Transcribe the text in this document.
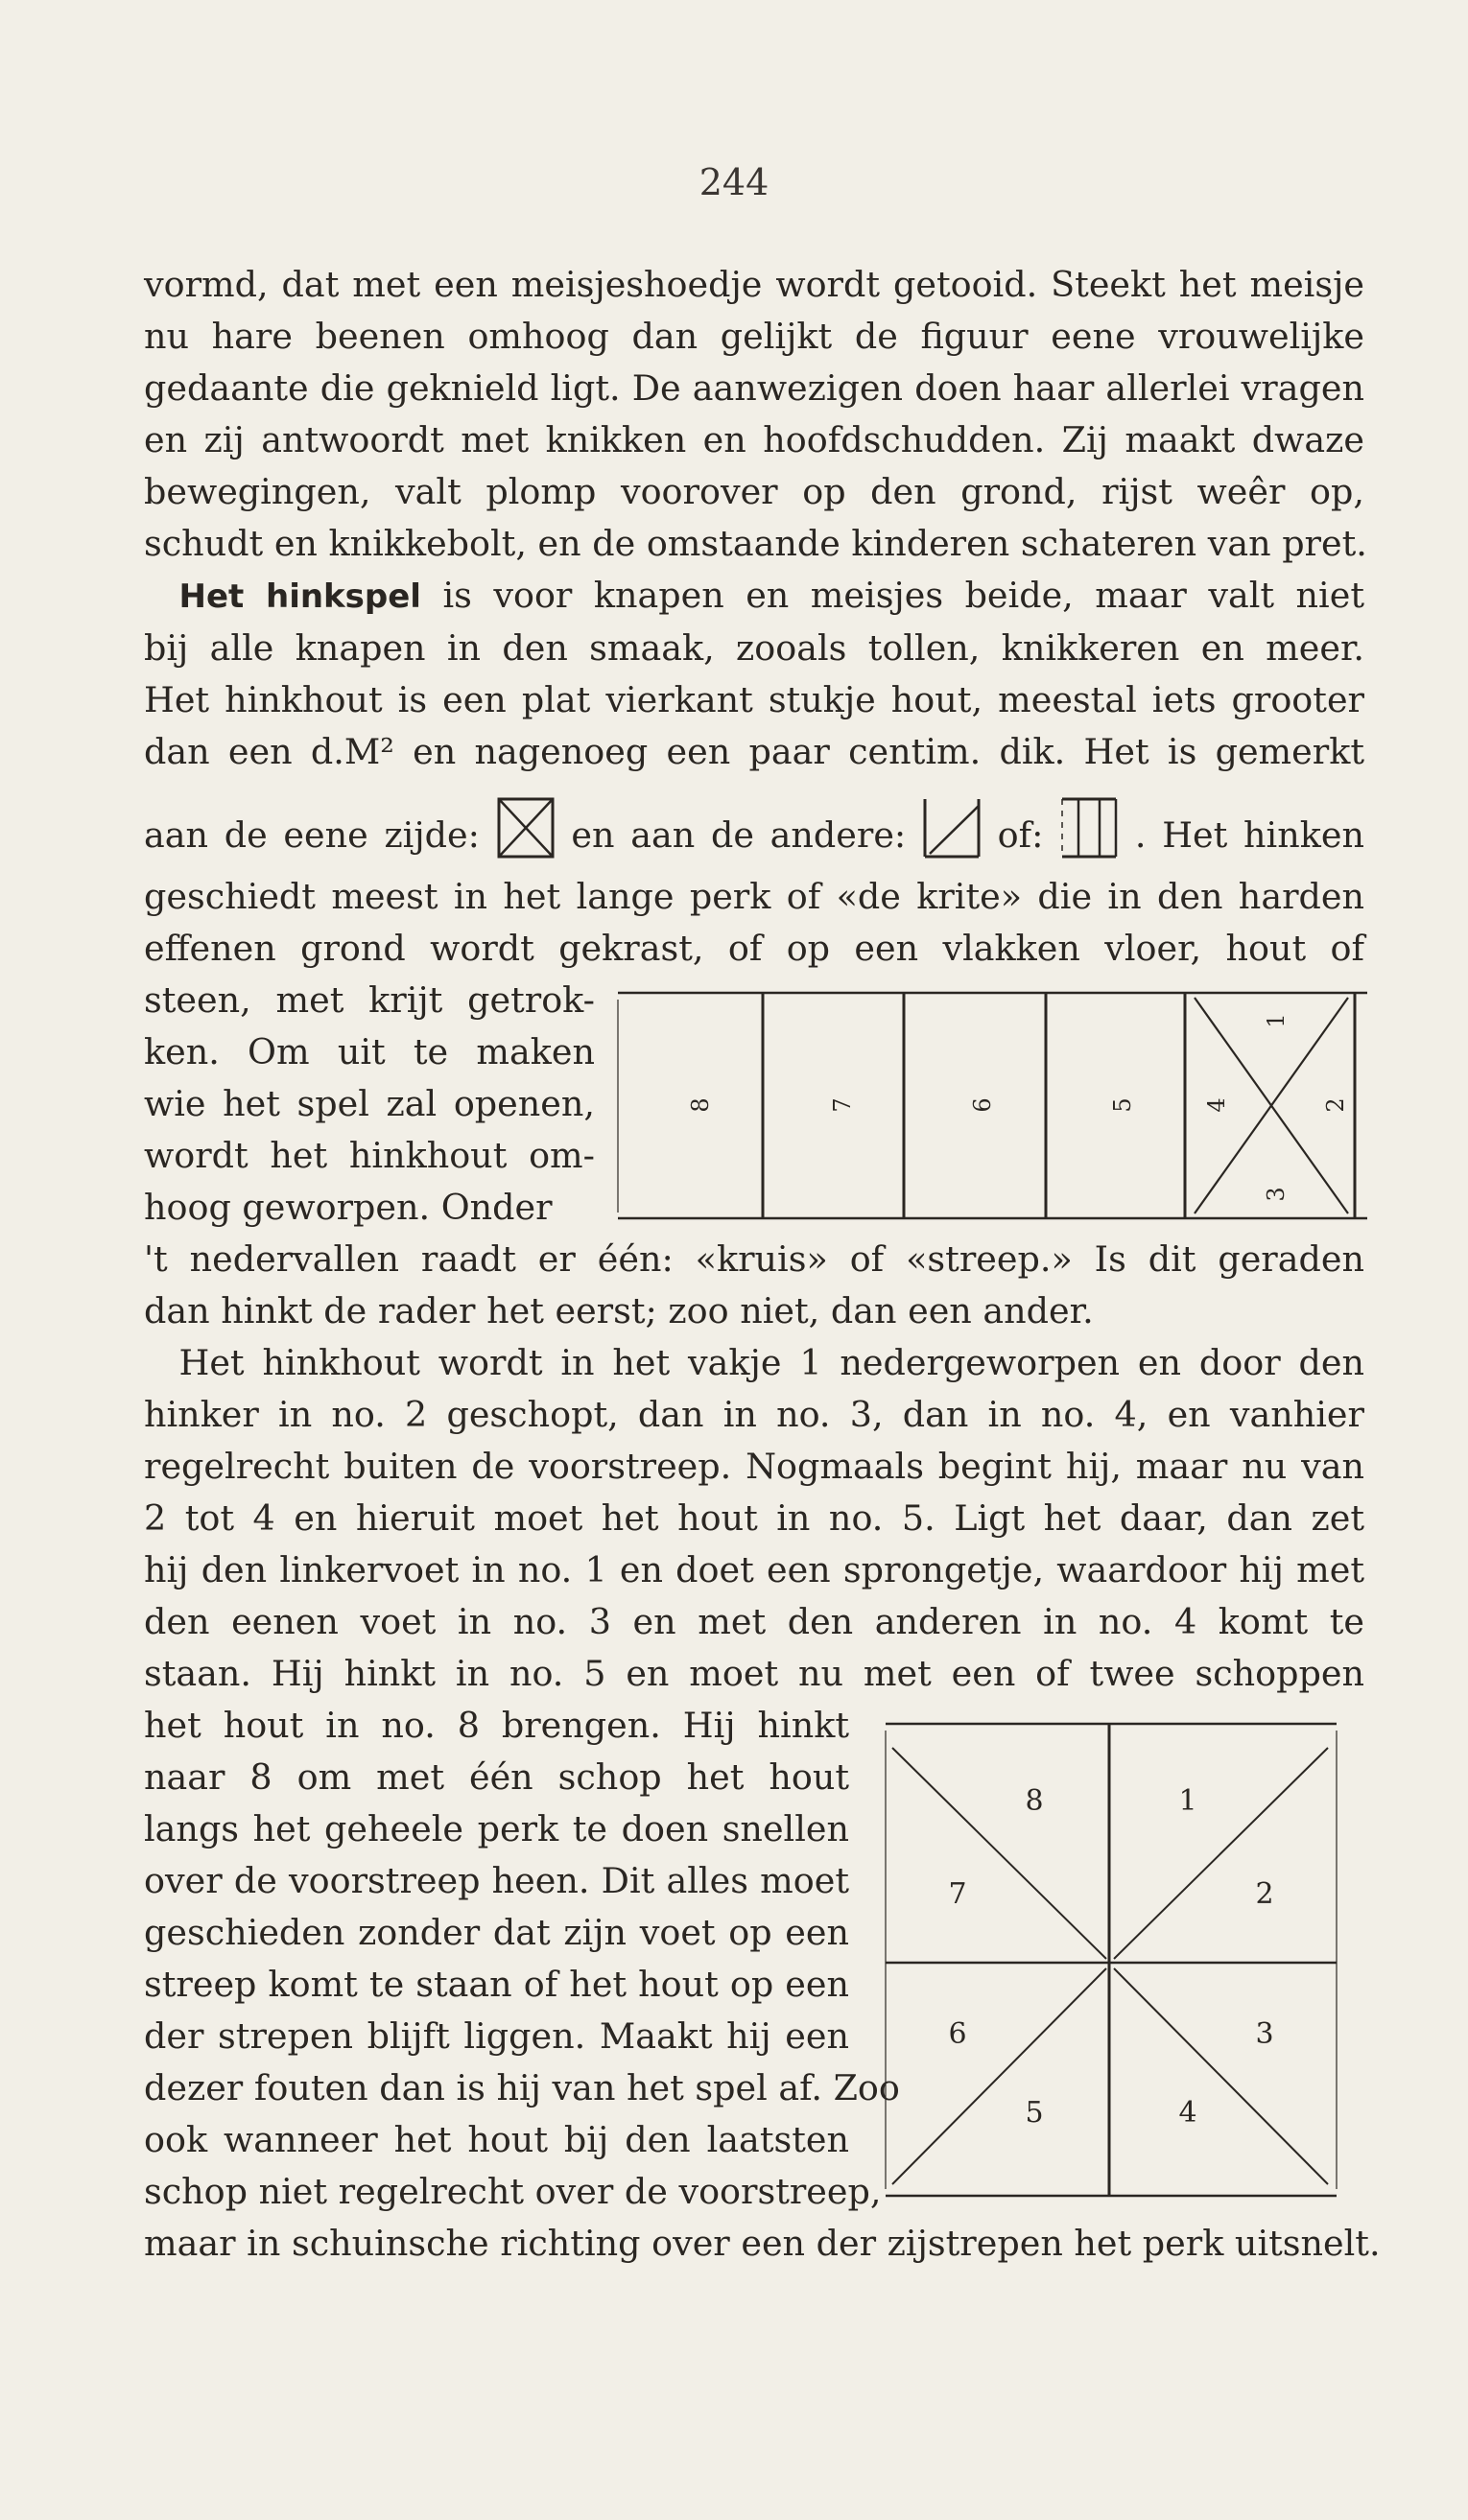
244
vormd, dat met een meisjeshoedje wordt getooid. Steekt het meisje
nu hare beenen omhoog dan gelijkt de figuur eene vrouwelijke
gedaante die geknield ligt. De aanwezigen doen haar allerlei vragen
en zij antwoordt met knikken en hoofdschudden. Zij maakt dwaze
bewegingen, valt plomp voorover op den grond, rijst weêr op,
schudt en knikkebolt, en de omstaande kinderen schateren van pret.
 Het hinkspel is voor knapen en meisjes beide, maar valt niet
bij alle knapen in den smaak, zooals tollen, knikkeren en meer.
Het hinkhout is een plat vierkant stukje hout, meestal iets grooter
dan een d.M² en nagenoeg een paar centim. dik. Het is gemerkt
aan de eene zijde: ☒ en aan de andere:	of:	. Het hinken
geschiedt meest in het lange perk of «de krite» die in den harden
effenen grond wordt gekrast, of op een vlakken vloer, hout of
steen, met krijt getrok-
ken. Om uit te maken
wie het spel zal openen,
wordt het hinkhout om-
hoog geworpen. Onder
8	7	6	5	4
3
2
1
't nedervallen raadt er één: «kruis» of «streep.» Is dit geraden
dan hinkt de rader het eerst; zoo niet, dan een ander.
 Het hinkhout wordt in het vakje 1 nedergeworpen en door den
hinker in no. 2 geschopt, dan in no. 3, dan in no. 4, en vanhier
regelrecht buiten de voorstreep. Nogmaals begint hij, maar nu van
2 tot 4 en hieruit moet het hout in no. 5. Ligt het daar, dan zet
hij den linkervoet in no. 1 en doet een sprongetje, waardoor hij met
den eenen voet in no. 3 en met den anderen in no. 4 komt te
staan. Hij hinkt in no. 5 en moet nu met een of twee schoppen
het hout in no. 8 brengen. Hij hinkt
naar 8 om met één schop het hout
langs het geheele perk te doen snellen
over de voorstreep heen. Dit alles moet
geschieden zonder dat zijn voet op een
streep komt te staan of het hout op een
der strepen blijft liggen. Maakt hij een
dezer fouten dan is hij van het spel af. Zoo
ook wanneer het hout bij den laatsten
schop niet regelrecht over de voorstreep,
8	1
7	2
6	3
5	4
maar in schuinsche richting over een der zijstrepen het perk uitsnelt.
